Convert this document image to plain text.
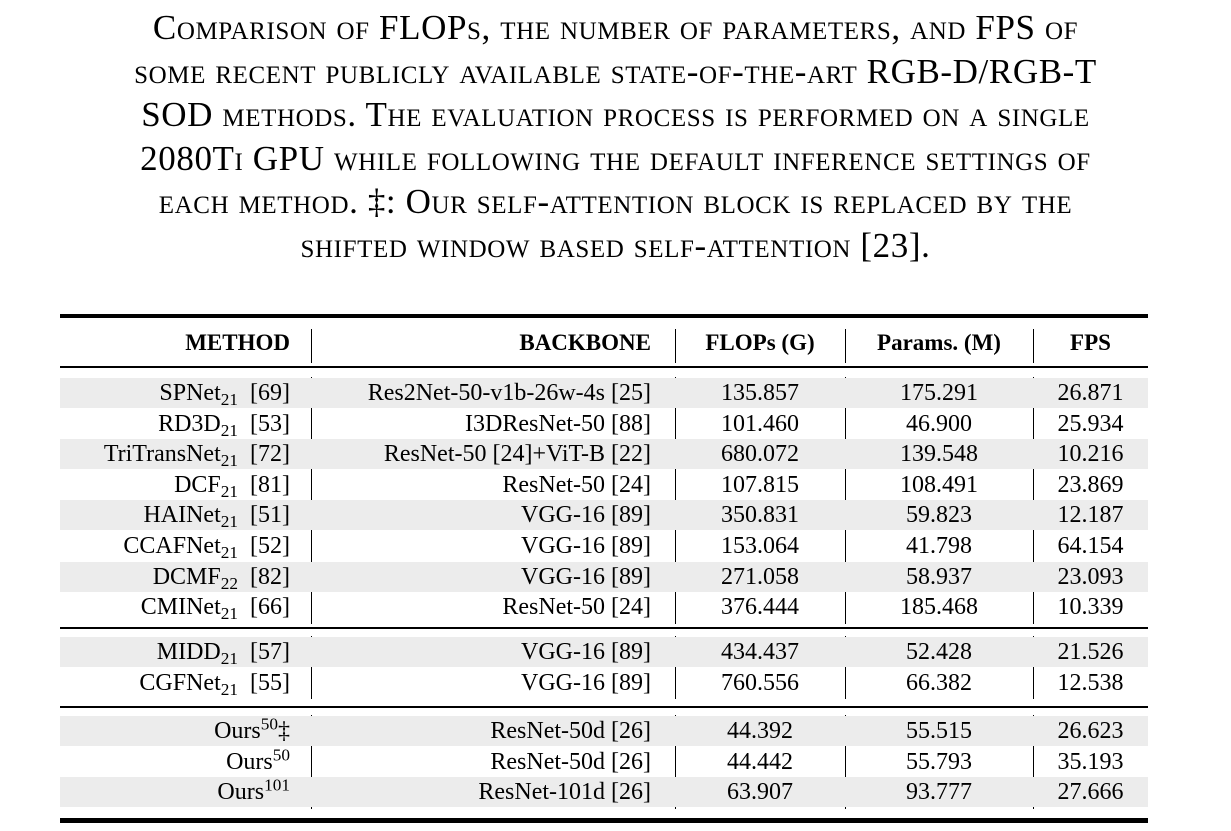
Comparison of FLOPs, the number of parameters, and FPS of
some recent publicly available state-of-the-art RGB-D/RGB-T
SOD methods. The evaluation process is performed on a single
2080Ti GPU while following the default inference settings of
each method. ‡: Our self-attention block is replaced by the
shifted window based self-attention [23].
METHOD	BACKBONE	FLOPs (G)	Params. (M)	FPS
SPNet$_{21}$ [69]	Res2Net-50-v1b-26w-4s [25]	135.857	175.291	26.871
$RD3D_{21}$ [53]	I3DResNet-50 [88]	101.460	46.900	25.934
TriTransNet$_{21}$ [72]	ResNet-50 [24]+ViT-B [22]	680.072	139.548	10.216
$DCF_{21}$ [81]	ResNet-50 [24]	107.815	108.491	23.869
HAINet$_{21}$ [51]	VGG-16 [89]	350.831	59.823	12.187
CCAFNet$_{21}$ [52]	VGG-16 [89]	153.064	41.798	64.154
$DCMF_{22}$ [82]	VGG-16 [89]	271.058	58.937	23.093
CMINet$_{21}$ [66]	ResNet-50 [24]	376.444	185.468	10.339
$MIDD_{21}$ [57]	VGG-16 [89]	434.437	52.428	21.526
CGFNet$_{21}$ [55]	VGG-16 [89]	760.556	66.382	12.538
Ours$^{50}$‡	ResNet-50d [26]	44.392	55.515	26.623
Ours$^{50}$	ResNet-50d [26]	44.442	55.793	35.193
Ours$^{101}$	ResNet-101d [26]	63.907	93.777	27.666
